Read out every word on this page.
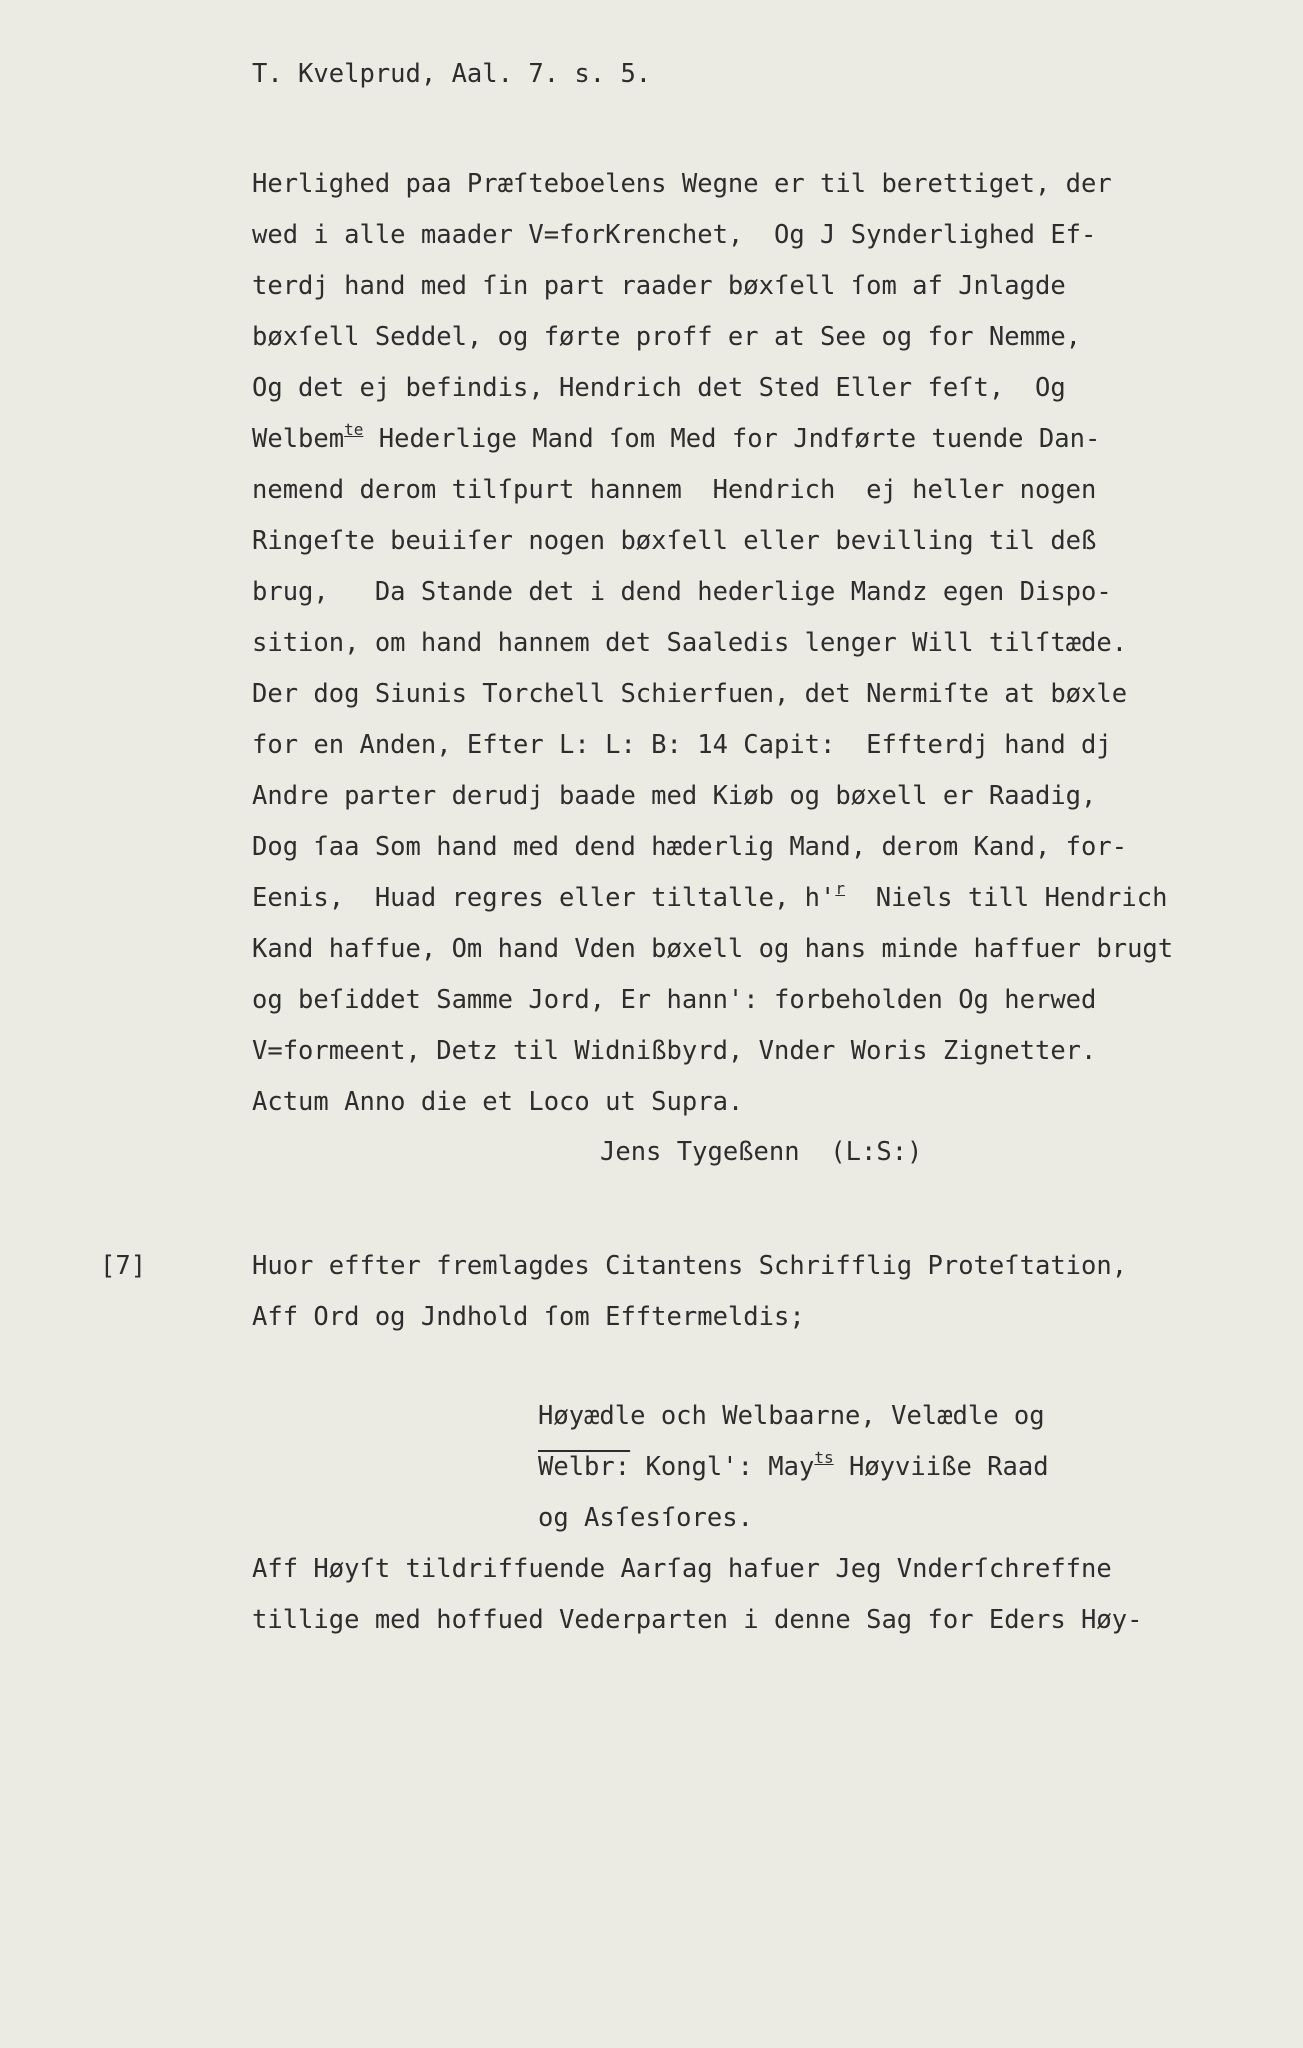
T. Kvelprud, Aal. 7. s. 5.
Herlighed paa Præſteboelens Wegne er til berettiget, der
wed i alle maader V=forKrenchet,  Og J Synderlighed Ef-
terdj hand med ſin part raader bøxſell ſom af Jnlagde
bøxſell Seddel, og førte proff er at See og for Nemme,
Og det ej befindis, Hendrich det Sted Eller feſt,  Og
Welbem$^{te}$ Hederlige Mand ſom Med for Jndførte tuende Dan-
nemend derom tilſpurt hannem  Hendrich  ej heller nogen
Ringeſte beuiiſer nogen bøxſell eller bevilling til deß
brug,   Da Stande det i dend hederlige Mandz egen Dispo-
sition, om hand hannem det Saaledis lenger Will tilſtæde.
Der dog Siunis Torchell Schierfuen, det Nermiſte at bøxle
for en Anden, Efter L: L: B: 14 Capit:  Effterdj hand dj
Andre parter derudj baade med Kiøb og bøxell er Raadig,
Dog ſaa Som hand med dend hæderlig Mand, derom Kand, for-
Eenis,  Huad regres eller tiltalle, $h'^r$  Niels till Hendrich
Kand haffue, Om hand Vden bøxell og hans minde haffuer brugt
og beſiddet Samme Jord, Er hann': forbeholden Og herwed
V=formeent, Detz til Widnißbyrd, Vnder Woris Zignetter.
Actum Anno die et Loco ut Supra.
Jens Tygeßenn  (L:S:)
[7]	Huor effter fremlagdes Citantens Schrifflig Proteſtation,
Aff Ord og Jndhold ſom Efftermeldis;
Høyædle och Welbaarne, Velædle og
Welbr: Kongl': May$^{ts}$ Høyviiße Raad
og Asſesſores.
Aff Høyſt tildriffuende Aarſag hafuer Jeg Vnderſchreffne
tillige med hoffued Vederparten i denne Sag for Eders Høy-
